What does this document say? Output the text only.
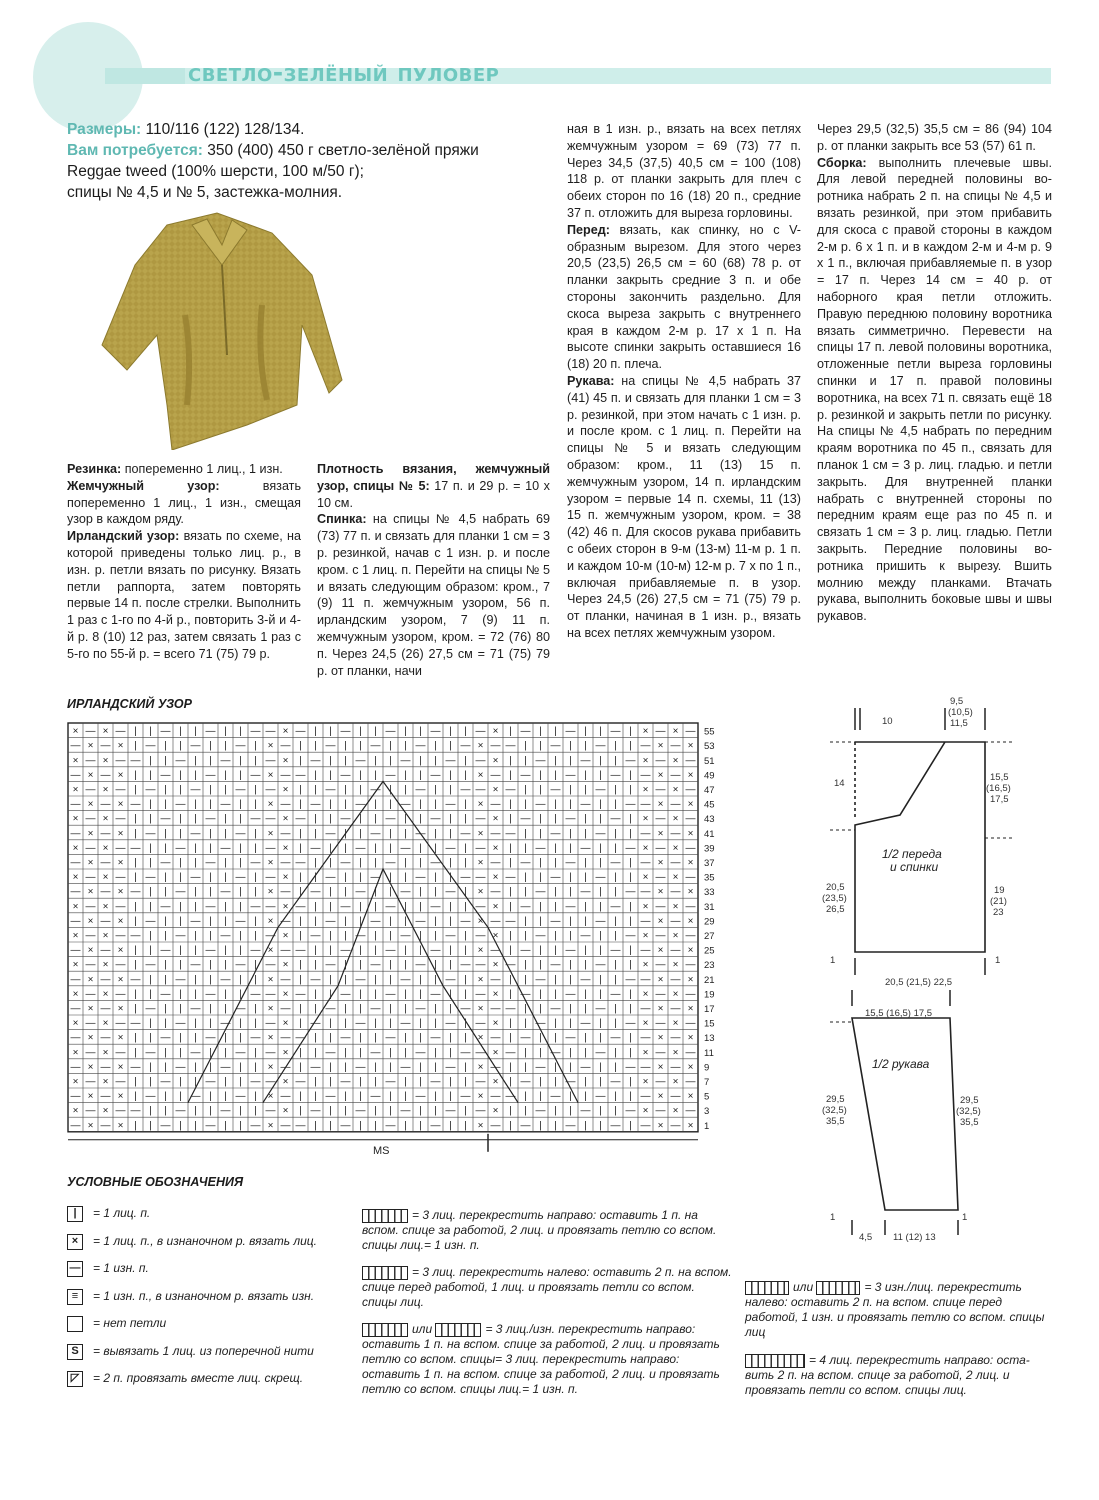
светло-зелёный пуловер
Размеры: 110/116 (122) 128/134.
Вам потребуется: 350 (400) 450 г светло-зелёной пряжи
Reggae tweed (100% шерсти, 100 м/50 г);
спицы № 4,5 и № 5, застежка-молния.
Резинка: попеременно 1 лиц., 1 изн.
Жемчужный узор: вязать попеременно 1 лиц., 1 изн., смещая узор в каждом ряду.
Ирландский узор: вязать по схеме, на которой приведены только лиц. р., в изн. р. петли вязать по рисунку. Вязать петли раппорта, затем повторять первые 14 п. после стрелки. Выполнить 1 раз с 1-го по 4-й р., повторить 3-й и 4-й р. 8 (10) 12 раз, затем связать 1 раз с 5-го по 55-й р. = всего 71 (75) 79 р.
Плотность вязания, жемчужный узор, спицы № 5: 17 п. и 29 р. = 10 х 10 см.
Спинка: на спицы № 4,5 набрать 69 (73) 77 п. и связать для планки 1 см = 3 р. резинкой, начав с 1 изн. р. и после кром. с 1 лиц. п. Перейти на спицы № 5 и вязать следующим образом: кром., 7 (9) 11 п. жемчужным узором, 56 п. ирландским узором, 7 (9) 11 п. жемчужным узором, кром. = 72 (76) 80 п. Через 24,5 (26) 27,5 см = 71 (75) 79 р. от планки, начи
ная в 1 изн. р., вязать на всех петлях жемчужным узором = 69 (73) 77 п. Через 34,5 (37,5) 40,5 см = 100 (108) 118 р. от планки закрыть для плеч с обеих сторон по 16 (18) 20 п., средние 37 п. отложить для выреза горловины.
Перед: вязать, как спинку, но с V-образным вырезом. Для этого через 20,5 (23,5) 26,5 см = 60 (68) 78 р. от планки закрыть средние 3 п. и обе стороны закончить раздельно. Для скоса выреза закрыть с внутреннего края в каждом 2-м р. 17 х 1 п. На высоте спинки закрыть оставшиеся 16 (18) 20 п. плеча.
Рукава: на спицы № 4,5 набрать 37 (41) 45 п. и связать для планки 1 см = 3 р. резинкой, при этом начать с 1 изн. р. и после кром. с 1 лиц. п. Перейти на спицы № 5 и вязать следующим образом: кром., 11 (13) 15 п. жемчужным узором, 14 п. ирландским узором = первые 14 п. схемы, 11 (13) 15 п. жемчужным узором, кром. = 38 (42) 46 п. Для скосов рукава прибавить с обеих сторон в 9-м (13-м) 11-м р. 1 п. и каждом 10-м (10-м) 12-м р. 7 х по 1 п., включая прибавляемые п. в узор. Через 24,5 (26) 27,5 см = 71 (75) 79 р. от планки, начиная в 1 изн. р., вязать на всех петлях жемчужным узором.
Через 29,5 (32,5) 35,5 см = 86 (94) 104 р. от планки закрыть все 53 (57) 61 п.
Сборка: выполнить плечевые швы. Для левой передней половины воротника набрать 2 п. на спицы № 4,5 и вязать резинкой, при этом прибавить для скоса с правой стороны в каждом 2-м р. 6 х 1 п. и в каждом 2-м и 4-м р. 9 х 1 п., включая прибавляемые п. в узор = 17 п. Через 14 см = 40 р. от наборного края петли отложить. Правую переднюю половину воротника вязать симметрично. Перевести на спицы 17 п. левой половины воротника, отложенные петли выреза горловины спинки и 17 п. правой половины воротника, на всех 71 п. связать ещё 18 р. резинкой и закрыть петли по рисунку. На спицы № 4,5 набрать по передним краям воротника по 45 п., связать для планок 1 см = 3 р. лиц. гладью. и петли закрыть. Для внутренней планки набрать с внутренней стороны по передним краям еще раз по 45 п. и связать 1 см = 3 р. лиц. гладью. Петли закрыть. Передние половины воротника пришить к вырезу. Вшить молнию между планками. Втачать рукава, выполнить боковые швы и швы рукавов.
ИРЛАНДСКИЙ УЗОР
× — × — | | — | | — | | — — × — | | — | | — | | — | | — × | — | | — | | — | × — × —
— × — × | — | | — | | — | × — | | — | | — | | — | | — × — — | | — | | — | | — × — ×
× — × — — | | — | | — | | — × | — | | — | | — | | — | — × | | — | | — | | — × — × —
— × — × | | — | | — | | — × — — | | — | | — | | — | | × — | — | | — | | — | — × — ×
× — × — | — | | — | | — | — × | | — | | — | | — | | — — × — | | — | | — | | × — × —
— × — × — | | — | | — | | × — | — | | — | | — | | — | × — | | — | | — | | — — × — ×
× — × — | | — | | — | | — — × — | | — | | — | | — | | — × | — | | — | | — | × — × —
— × — × | — | | — | | — | × — | | — | | — | | — | | — × — — | | — | | — | | — × — ×
× — × — — | | — | | — | | — × | — | | — | | — | | — | — × | | — | | — | | — × — × —
— × — × | | — | | — | | — × — — | | — | | — | | — | | × — | — | | — | | — | — × — ×
× — × — | — | | — | | — | — × | | — | | — | | — | | — — × — | | — | | — | | × — × —
— × — × — | | — | | — | | × — | — | | — | | — | | — | × — | | — | | — | | — — × — ×
× — × — | | — | | — | | — — × — | | — | | — | | — | | — × | — | | — | | — | × — × —
— × — × | — | | — | | — | × — | | — | | — | | — | | — × — — | | — | | — | | — × — ×
× — × — — | | — | | — | | — × | — | | — | | — | | — | — × | | — | | — | | — × — × —
— × — × | | — | | — | | — × — — | | — | | — | | — | | × — | — | | — | | — | — × — ×
× — × — | — | | — | | — | — × | | — | | — | | — | | — — × — | | — | | — | | × — × —
— × — × — | | — | | — | | × — | — | | — | | — | | — | × — | | — | | — | | — — × — ×
× — × — | | — | | — | | — — × — | | — | | — | | — | | — × | — | | — | | — | × — × —
— × — × | — | | — | | — | × — | | — | | — | | — | | — × — — | | — | | — | | — × — ×
× — × — — | | — | | — | | — × | — | | — | | — | | — | — × | | — | | — | | — × — × —
— × — × | | — | | — | | — × — — | | — | | — | | — | | × — | — | | — | | — | — × — ×
× — × — | — | | — | | — | — × | | — | | — | | — | | — — × — | | — | | — | | × — × —
— × — × — | | — | | — | | × — | — | | — | | — | | — | × — | | — | | — | | — — × — ×
× — × — | | — | | — | | — — × — | | — | | — | | — | | — × | — | | — | | — | × — × —
— × — × | — | | — | | — | × — | | — | | — | | — | | — × — — | | — | | — | | — × — ×
× — × — — | | — | | — | | — × | — | | — | | — | | — | — × | | — | | — | | — × — × —
— × — × | | — | | — | | — × — — | | — | | — | | — | | × — | — | | — | | — | — × — ×
55
53
51
49
47
45
43
41
39
37
35
33
31
29
27
25
23
21
19
17
15
13
11
9
7
5
3
1
MS
10
9,5
(10,5)
11,5
14
15,5
(16,5)
17,5
19
(21)
23
20,5
(23,5)
26,5
20,5 (21,5) 22,5
1	1
15,5 (16,5) 17,5
29,5
(32,5)
35,5
29,5
(32,5)
35,5
1	1
4,5 11 (12) 13
1/2 переда
и спинки
1/2 рукава
УСЛОВНЫЕ ОБОЗНАЧЕНИЯ
| = 1 лиц. п.
× = 1 лиц. п., в изнаночном р. вязать лиц.
— = 1 изн. п.
≡ = 1 изн. п., в изнаночном р. вязать изн.
= нет петли
S = вывязать 1 лиц. из поперечной нити
◸ = 2 п. провязать вместе лиц. скрещ.
= 3 лиц. перекрестить направо: оставить 1 п. на вспом. спице за работой, 2 лиц. и провязать петлю со вспом. спицы лиц.= 1 изн. п.
= 3 лиц. перекрестить налево: оставить 2 п. на вспом. спице перед работой, 1 лиц. и провязать петли со вспом. спицы лиц.
или	= 3 лиц./изн. перекрестить направо: оставить 1 п. на вспом. спице за работой, 2 лиц. и провязать петлю со вспом. спицы= 3 лиц. перекрестить направо: оставить 1 п. на вспом. спице за работой, 2 лиц. и провязать петлю со вспом. спицы лиц.= 1 изн. п.
или	= 3 изн./лиц. перекрестить налево: оставить 2 п. на вспом. спице перед работой, 1 изн. и провязать петлю со вспом. спицы лиц
= 4 лиц. перекрестить направо: оставить 2 п. на вспом. спице за работой, 2 лиц. и провязать петли со вспом. спицы лиц.
